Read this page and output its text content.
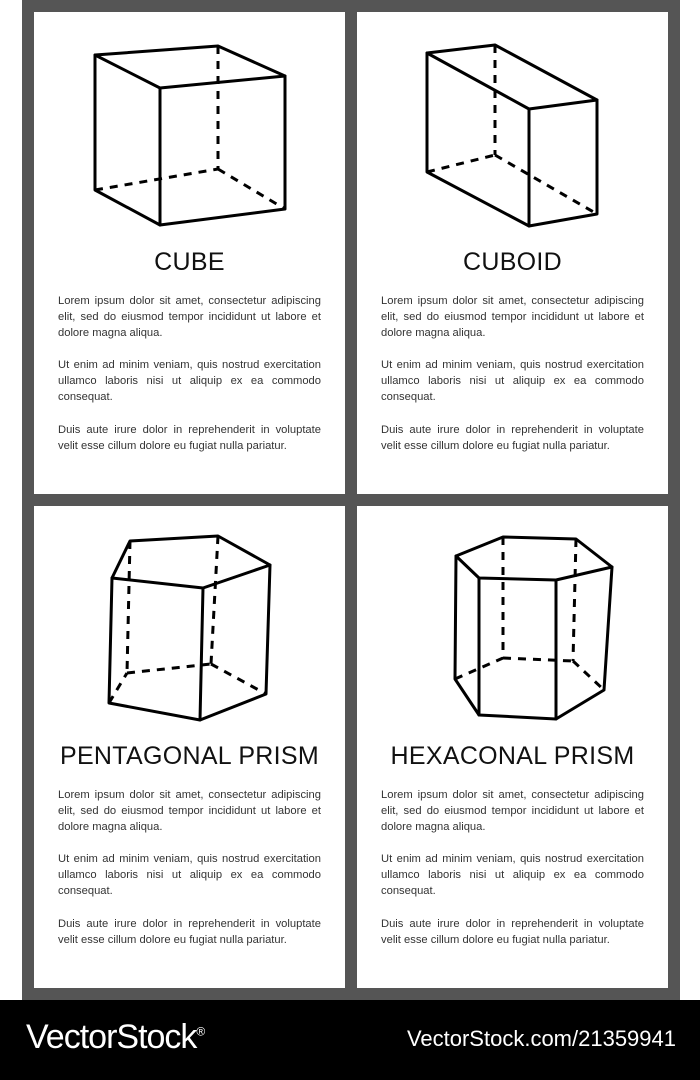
CUBE
Lorem ipsum dolor sit amet, consectetur adipiscing elit, sed do eiusmod tempor incididunt ut labore et dolore magna aliqua.
Ut enim ad minim veniam, quis nostrud exercitation ullamco laboris nisi ut aliquip ex ea commodo consequat.
Duis aute irure dolor in reprehenderit in voluptate velit esse cillum dolore eu fugiat nulla pariatur.
CUBOID
Lorem ipsum dolor sit amet, consectetur adipiscing elit, sed do eiusmod tempor incididunt ut labore et dolore magna aliqua.
Ut enim ad minim veniam, quis nostrud exercitation ullamco laboris nisi ut aliquip ex ea commodo consequat.
Duis aute irure dolor in reprehenderit in voluptate velit esse cillum dolore eu fugiat nulla pariatur.
PENTAGONAL PRISM
Lorem ipsum dolor sit amet, consectetur adipiscing elit, sed do eiusmod tempor incididunt ut labore et dolore magna aliqua.
Ut enim ad minim veniam, quis nostrud exercitation ullamco laboris nisi ut aliquip ex ea commodo consequat.
Duis aute irure dolor in reprehenderit in voluptate velit esse cillum dolore eu fugiat nulla pariatur.
HEXACONAL PRISM
Lorem ipsum dolor sit amet, consectetur adipiscing elit, sed do eiusmod tempor incididunt ut labore et dolore magna aliqua.
Ut enim ad minim veniam, quis nostrud exercitation ullamco laboris nisi ut aliquip ex ea commodo consequat.
Duis aute irure dolor in reprehenderit in voluptate velit esse cillum dolore eu fugiat nulla pariatur.
VectorStock®	VectorStock.com/21359941
